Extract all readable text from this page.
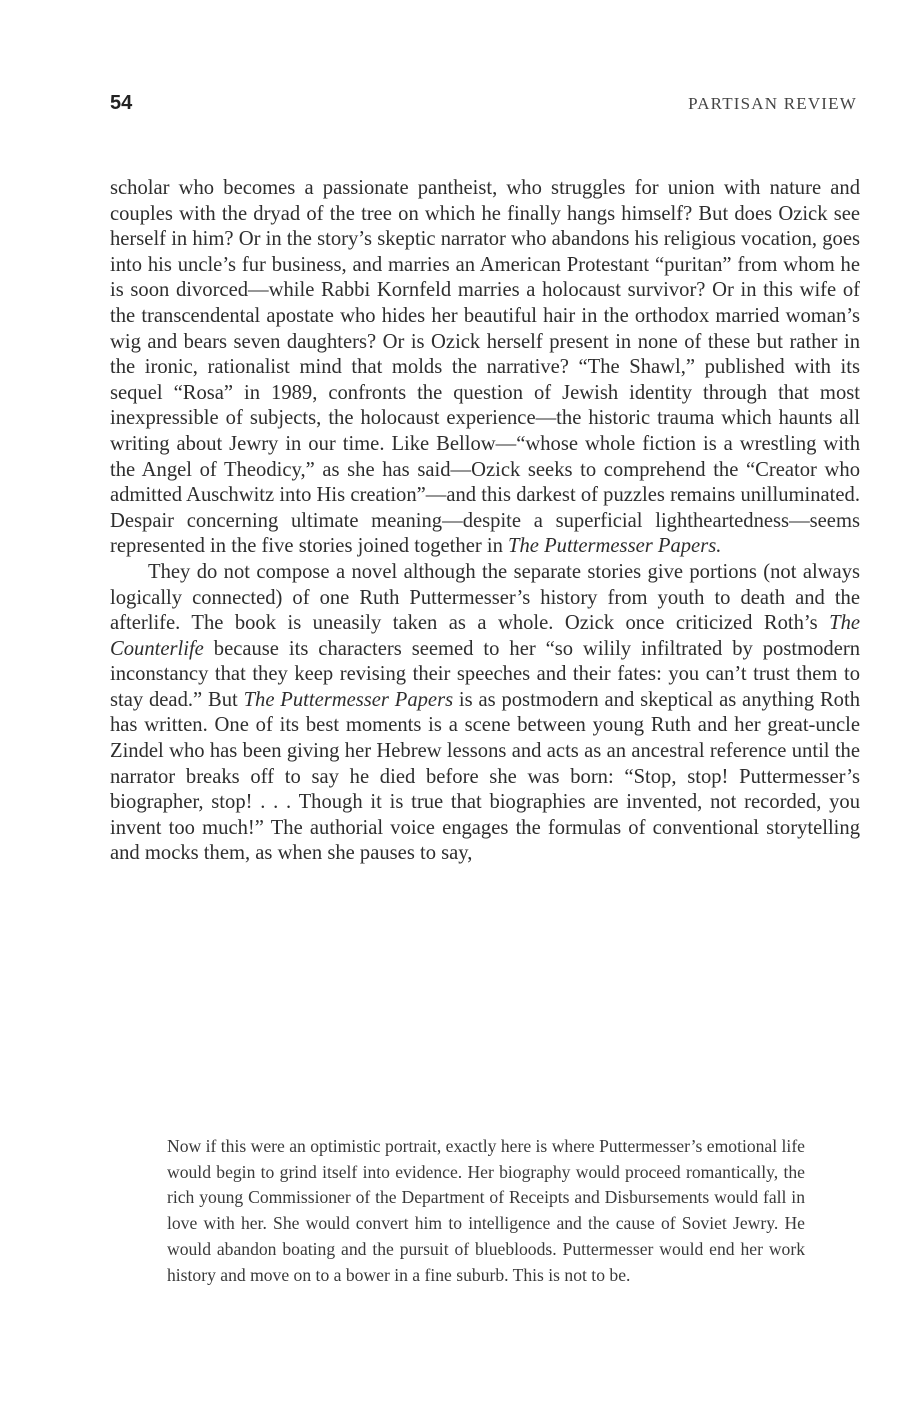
54	PARTISAN REVIEW

scholar who becomes a passionate pantheist, who struggles for union with nature and couples with the dryad of the tree on which he finally hangs himself? But does Ozick see herself in him? Or in the story’s skeptic narrator who abandons his religious vocation, goes into his uncle’s fur business, and marries an American Protestant “puritan” from whom he is soon divorced—while Rabbi Kornfeld marries a holocaust survivor? Or in this wife of the transcendental apostate who hides her beautiful hair in the orthodox married woman’s wig and bears seven daughters? Or is Ozick herself present in none of these but rather in the ironic, rationalist mind that molds the narrative? “The Shawl,” published with its sequel “Rosa” in 1989, confronts the question of Jewish identity through that most inexpressible of subjects, the holocaust experience—the historic trauma which haunts all writing about Jewry in our time. Like Bellow—“whose whole fiction is a wrestling with the Angel of Theodicy,” as she has said—Ozick seeks to comprehend the “Creator who admitted Auschwitz into His creation”—and this darkest of puzzles remains unilluminated. Despair concerning ultimate meaning—despite a superficial lightheartedness—seems represented in the five stories joined together in The Puttermesser Papers.

They do not compose a novel although the separate stories give portions (not always logically connected) of one Ruth Puttermesser’s history from youth to death and the afterlife. The book is uneasily taken as a whole. Ozick once criticized Roth’s The Counterlife because its characters seemed to her “so wilily infiltrated by postmodern inconstancy that they keep revising their speeches and their fates: you can’t trust them to stay dead.” But The Puttermesser Papers is as postmodern and skeptical as anything Roth has written. One of its best moments is a scene between young Ruth and her great-uncle Zindel who has been giving her Hebrew lessons and acts as an ancestral reference until the narrator breaks off to say he died before she was born: “Stop, stop! Puttermesser’s biographer, stop! . . . Though it is true that biographies are invented, not recorded, you invent too much!” The authorial voice engages the formulas of conventional storytelling and mocks them, as when she pauses to say,

Now if this were an optimistic portrait, exactly here is where Puttermesser’s emotional life would begin to grind itself into evidence. Her biography would proceed romantically, the rich young Commissioner of the Department of Receipts and Disbursements would fall in love with her. She would convert him to intelligence and the cause of Soviet Jewry. He would abandon boating and the pursuit of bluebloods. Puttermesser would end her work history and move on to a bower in a fine suburb. This is not to be.
